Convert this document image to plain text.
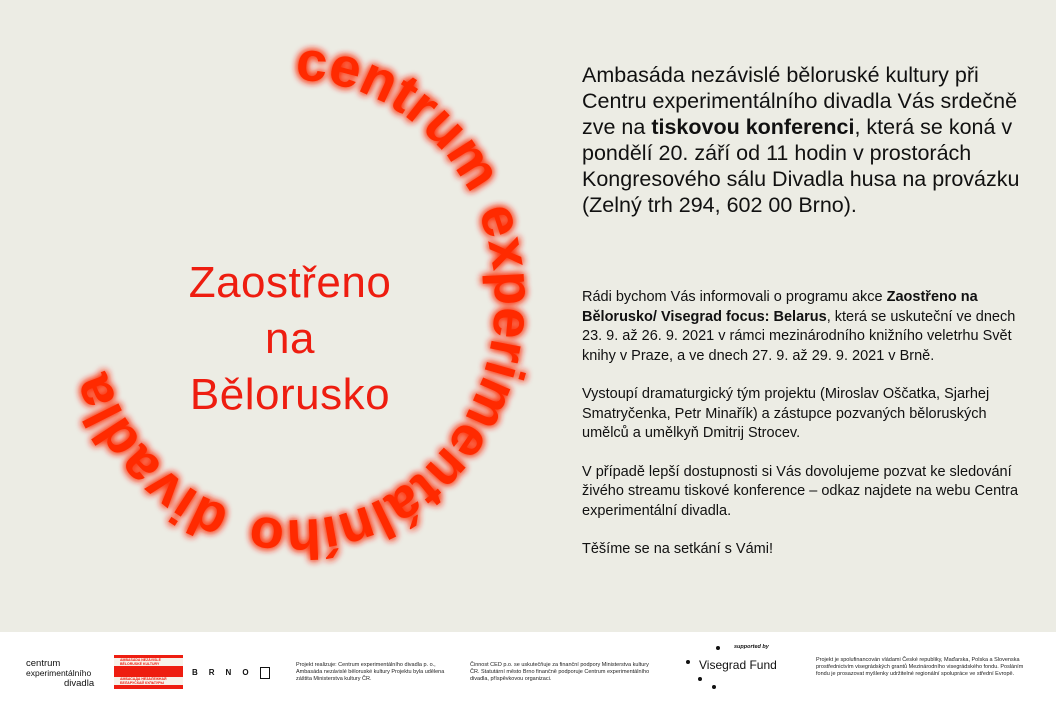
centrum experimentálníhodivadla
Zaostřeno
na
Bělorusko
Ambasáda nezávislé běloruské kultury při Centru experimentálního divadla Vás srdečně zve na tiskovou konferenci, která se koná v pondělí 20. září od 11 hodin v prostorách Kongresového sálu Divadla husa na provázku (Zelný trh 294, 602 00 Brno).

Rádi bychom Vás informovali o programu akce Zaostřeno na Bělorusko/ Visegrad focus: Belarus, která se uskuteční ve dnech 23. 9. až 26. 9. 2021 v rámci mezinárodního knižního veletrhu Svět knihy v Praze, a ve dnech 27. 9. až 29. 9. 2021 v Brně.

Vystoupí dramaturgický tým projektu (Miroslav Oščatka, Sjarhej Smatryčenka, Petr Minařík) a zástupce pozvaných běloruských umělců a umělkyň Dmitrij Strocev.

V případě lepší dostupnosti si Vás dovolujeme pozvat ke sledování živého streamu tiskové konference – odkaz najdete na webu Centra experimentální divadla.

Těšíme se na setkání s Vámi!

centrum
experimentálního
divadla
AMBASÁDA NEZÁVISLÉ
BĚLORUSKÉ KULTURY
АМБАСАДА НЕЗАЛЕЖНАЙ
БЕЛАРУСКАЙ КУЛЬТУРЫ
BRNO
Projekt realizuje: Centrum experimentálního divadla p. o., Ambasáda nezávislé běloruské kultury Projektu byla udělena záštita Ministerstva kultury ČR.
Činnost CED p.o. se uskutečňuje za finanční podpory Ministerstva kultury ČR. Statutární město Brno finančně podporuje Centrum experimentálního divadla, příspěvkovou organizaci.
supported by
Visegrad Fund	Projekt je spolufinancován vládami České republiky, Maďarska, Polska a Slovenska prostřednictvím visegrádských grantů Mezinárodního visegrádského fondu. Posláním fondu je prosazovat myšlenky udržitelné regionální spolupráce ve střední Evropě.
